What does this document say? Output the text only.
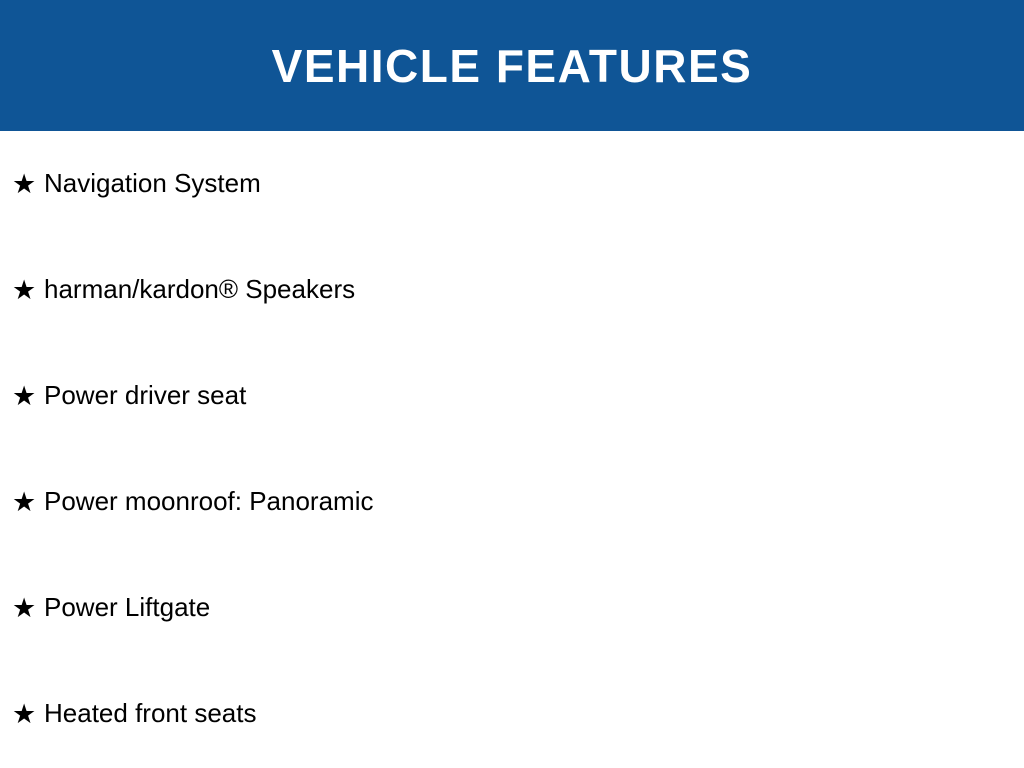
VEHICLE FEATURES
★ Navigation System
★ harman/kardon® Speakers
★ Power driver seat
★ Power moonroof: Panoramic
★ Power Liftgate
★ Heated front seats
